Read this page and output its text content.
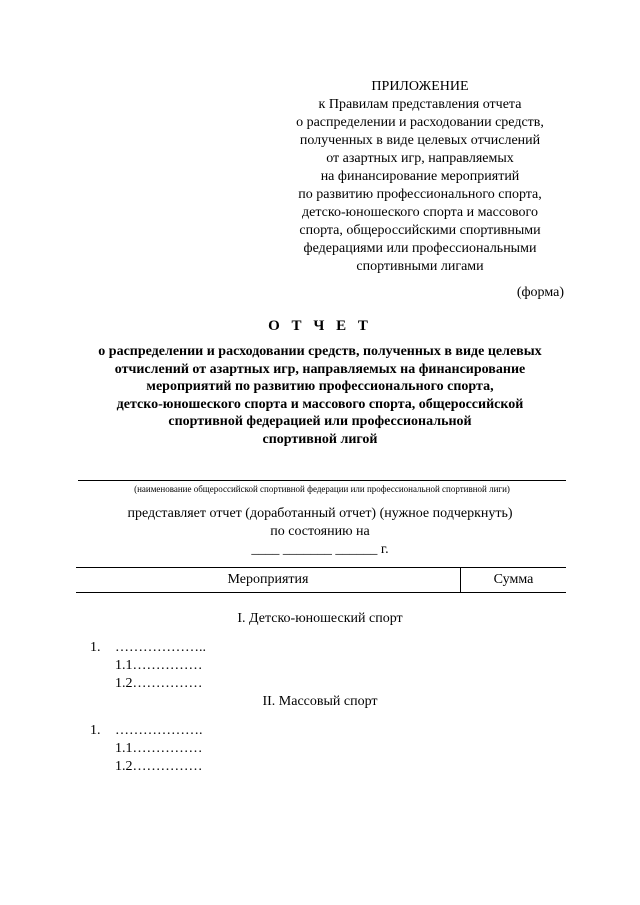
ПРИЛОЖЕНИЕ
к Правилам представления отчета
о распределении и расходовании средств,
полученных в виде целевых отчислений
от азартных игр, направляемых
на финансирование мероприятий
по развитию профессионального спорта,
детско-юношеского спорта и массового
спорта, общероссийскими спортивными
федерациями или профессиональными
спортивными лигами
(форма)
О Т Ч Е Т
о распределении и расходовании средств, полученных в виде целевых
отчислений от азартных игр, направляемых на финансирование
мероприятий по развитию профессионального спорта,
детско-юношеского спорта и массового спорта, общероссийской
спортивной федерацией или профессиональной
спортивной лигой
(наименование общероссийской спортивной федерации или профессиональной спортивной лиги)
представляет отчет (доработанный отчет) (нужное подчеркнуть)
по состоянию на
____ _______ ______ г.
Мероприятия	Сумма
I. Детско-юношеский спорт
1. ………………..
1.1……………
1.2……………
II. Массовый спорт
1. ……………….
1.1……………
1.2……………
